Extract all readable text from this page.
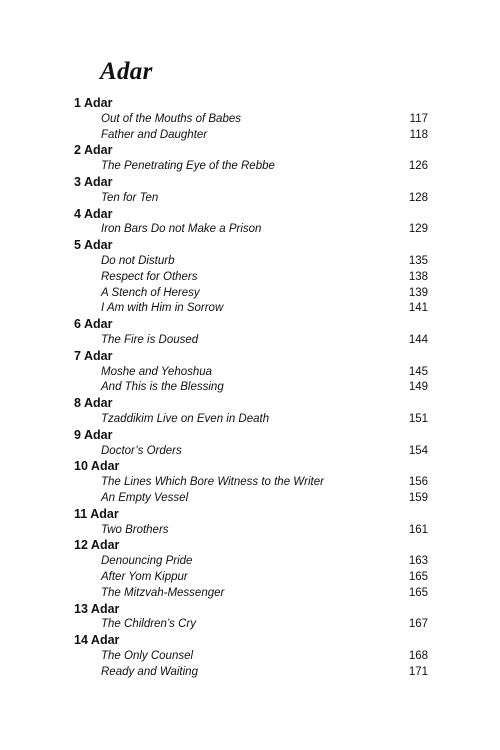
Adar
1 Adar
Out of the Mouths of Babes	117
Father and Daughter	118
2 Adar
The Penetrating Eye of the Rebbe	126
3 Adar
Ten for Ten	128
4 Adar
Iron Bars Do not Make a Prison	129
5 Adar
Do not Disturb	135
Respect for Others	138
A Stench of Heresy	139
I Am with Him in Sorrow	141
6 Adar
The Fire is Doused	144
7 Adar
Moshe and Yehoshua	145
And This is the Blessing	149
8 Adar
Tzaddikim Live on Even in Death	151
9 Adar
Doctor’s Orders	154
10 Adar
The Lines Which Bore Witness to the Writer	156
An Empty Vessel	159
11 Adar
Two Brothers	161
12 Adar
Denouncing Pride	163
After Yom Kippur	165
The Mitzvah-Messenger	165
13 Adar
The Children’s Cry	167
14 Adar
The Only Counsel	168
Ready and Waiting	171
